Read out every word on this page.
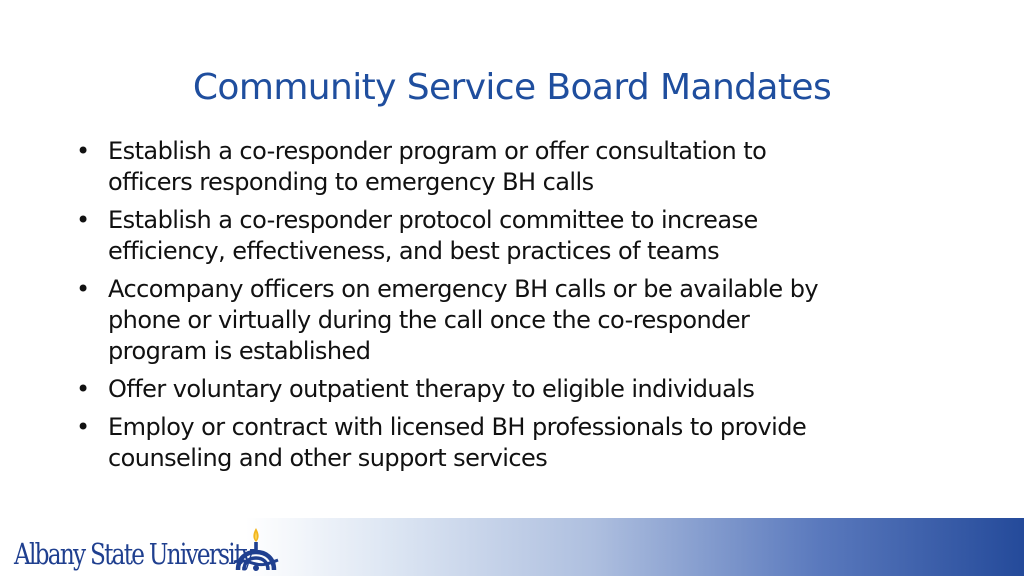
Community Service Board Mandates
• Establish a co-responder program or offer consultation to
officers responding to emergency BH calls
• Establish a co-responder protocol committee to increase
efficiency, effectiveness, and best practices of teams
• Accompany officers on emergency BH calls or be available by
phone or virtually during the call once the co-responder
program is established
• Offer voluntary outpatient therapy to eligible individuals
• Employ or contract with licensed BH professionals to provide
counseling and other support services
Albany State University
